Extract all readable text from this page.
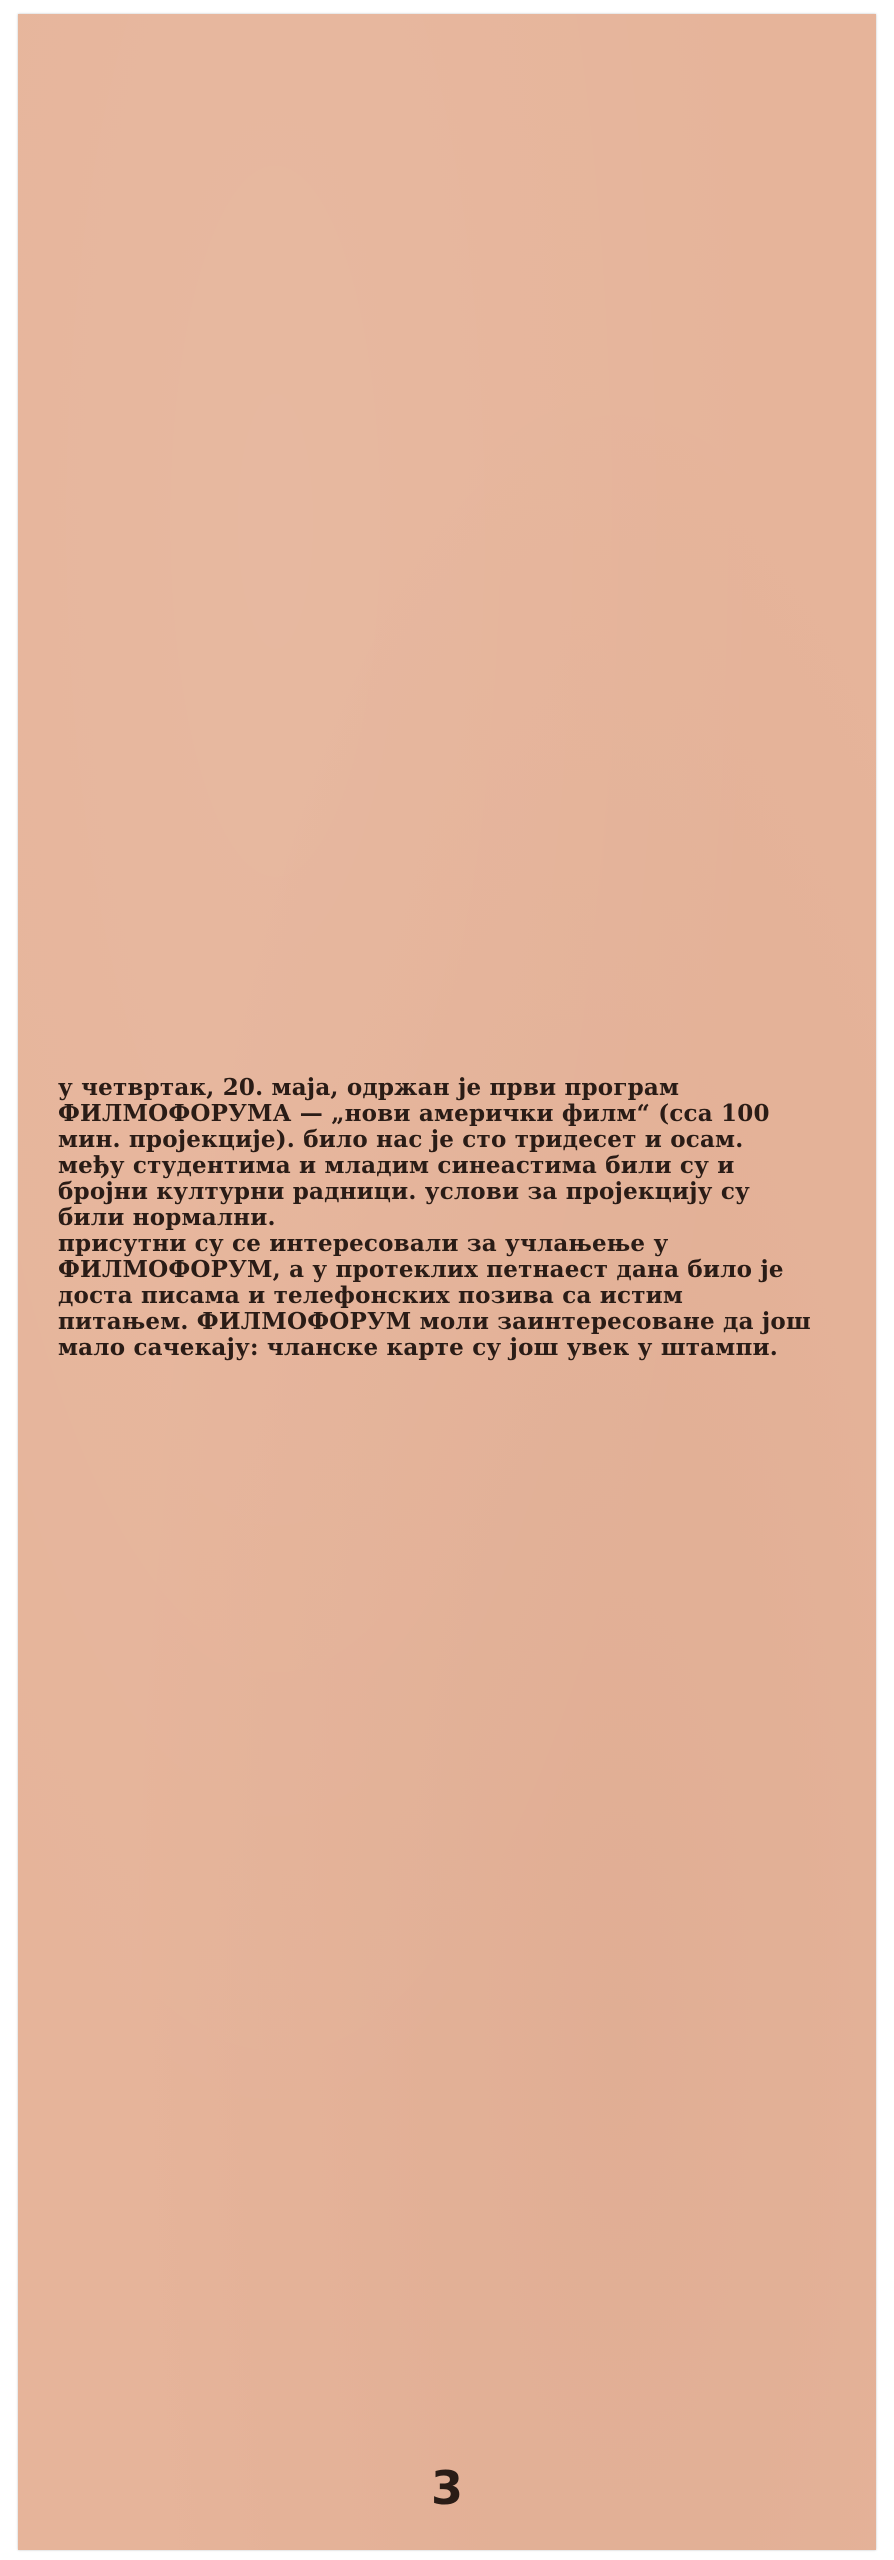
у четвртак, 20. маја, одржан је први програм
ФИЛМОФОРУМА — „нови амерички филм“ (сса 100
мин. пројекције). било нас је сто тридесет и осам.
међу студентима и младим синеастима били су и
бројни културни радници. услови за пројекцију су
били нормални.

присутни су се интересовали за учлањење у
ФИЛМОФОРУМ, а у протеклих петнаест дана било је
доста писама и телефонских позива са истим
питањем. ФИЛМОФОРУМ моли заинтересоване да још
мало сачекају: чланске карте су још увек у штампи.

3
